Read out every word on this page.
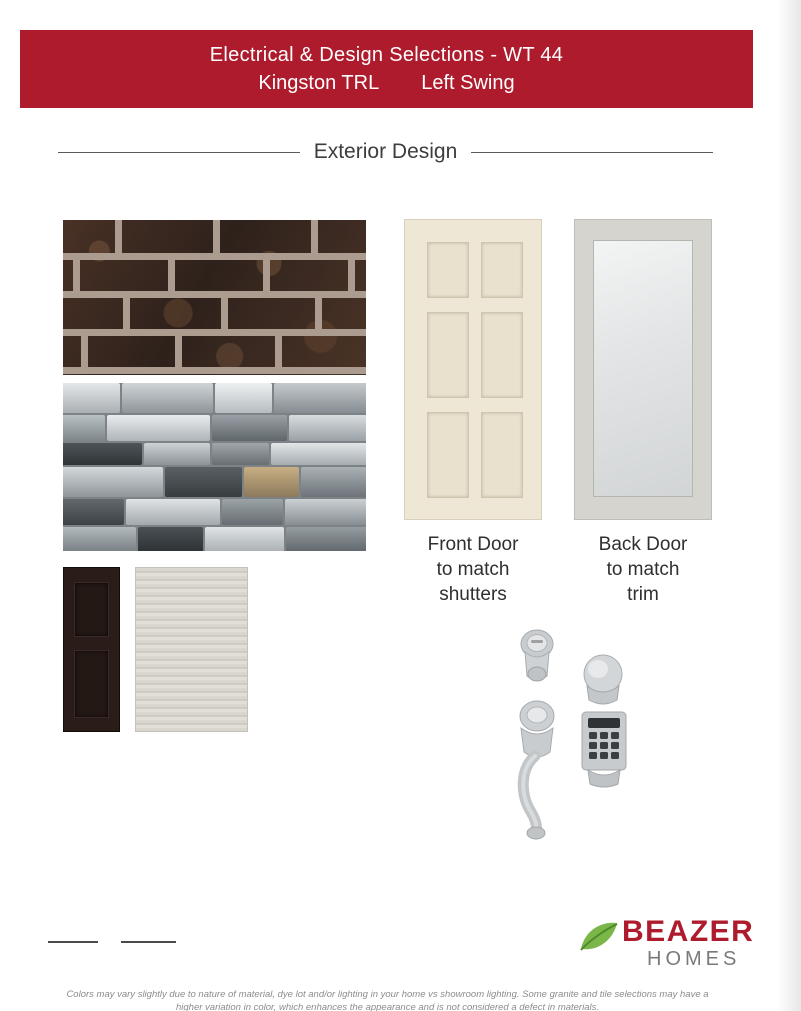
Electrical & Design Selections - WT 44
Kingston TRL Left Swing
Exterior Design
Front Door
to match
shutters
Back Door
to match
trim
BEAZER
HOMES
Colors may vary slightly due to nature of material, dye lot and/or lighting in your home vs showroom lighting. Some granite and tile selections may have a higher variation in color, which enhances the appearance and is not considered a defect in materials.
